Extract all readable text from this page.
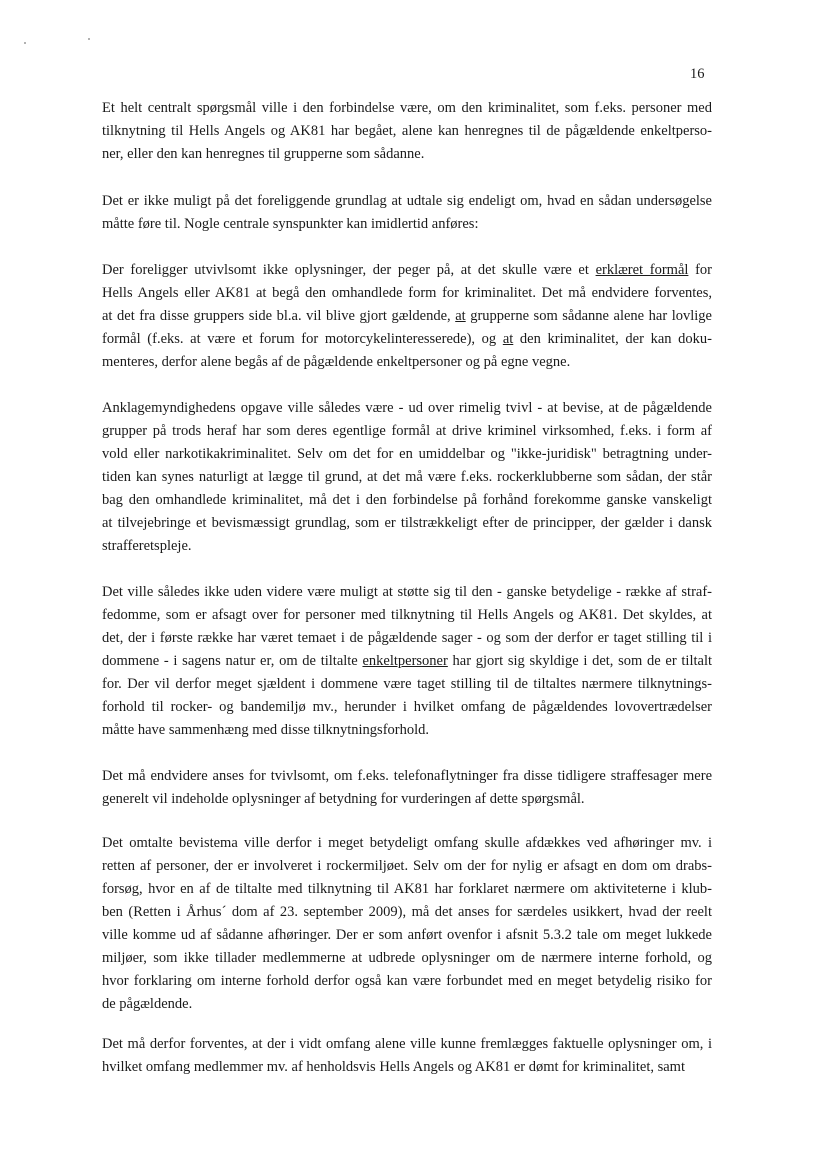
16

Et helt centralt spørgsmål ville i den forbindelse være, om den kriminalitet, som f.eks. personer med
tilknytning til Hells Angels og AK81 har begået, alene kan henregnes til de pågældende enkeltperso-
ner, eller den kan henregnes til grupperne som sådanne.

Det er ikke muligt på det foreliggende grundlag at udtale sig endeligt om, hvad en sådan undersøgelse
måtte føre til. Nogle centrale synspunkter kan imidlertid anføres:

Der foreligger utvivlsomt ikke oplysninger, der peger på, at det skulle være et erklæret formål for
Hells Angels eller AK81 at begå den omhandlede form for kriminalitet. Det må endvidere forventes,
at det fra disse gruppers side bl.a. vil blive gjort gældende, at grupperne som sådanne alene har lovlige
formål (f.eks. at være et forum for motorcykelinteresserede), og at den kriminalitet, der kan doku-
menteres, derfor alene begås af de pågældende enkeltpersoner og på egne vegne.

Anklagemyndighedens opgave ville således være - ud over rimelig tvivl - at bevise, at de pågældende
grupper på trods heraf har som deres egentlige formål at drive kriminel virksomhed, f.eks. i form af
vold eller narkotikakriminalitet. Selv om det for en umiddelbar og "ikke-juridisk" betragtning under-
tiden kan synes naturligt at lægge til grund, at det må være f.eks. rockerklubberne som sådan, der står
bag den omhandlede kriminalitet, må det i den forbindelse på forhånd forekomme ganske vanskeligt
at tilvejebringe et bevismæssigt grundlag, som er tilstrækkeligt efter de principper, der gælder i dansk
strafferetspleje.

Det ville således ikke uden videre være muligt at støtte sig til den - ganske betydelige - række af straf-
fedomme, som er afsagt over for personer med tilknytning til Hells Angels og AK81. Det skyldes, at
det, der i første række har været temaet i de pågældende sager - og som der derfor er taget stilling til i
dommene - i sagens natur er, om de tiltalte enkeltpersoner har gjort sig skyldige i det, som de er tiltalt
for. Der vil derfor meget sjældent i dommene være taget stilling til de tiltaltes nærmere tilknytnings-
forhold til rocker- og bandemiljø mv., herunder i hvilket omfang de pågældendes lovovertrædelser
måtte have sammenhæng med disse tilknytningsforhold.

Det må endvidere anses for tvivlsomt, om f.eks. telefonaflytninger fra disse tidligere straffesager mere
generelt vil indeholde oplysninger af betydning for vurderingen af dette spørgsmål.

Det omtalte bevistema ville derfor i meget betydeligt omfang skulle afdækkes ved afhøringer mv. i
retten af personer, der er involveret i rockermiljøet. Selv om der for nylig er afsagt en dom om drabs-
forsøg, hvor en af de tiltalte med tilknytning til AK81 har forklaret nærmere om aktiviteterne i klub-
ben (Retten i Århus´ dom af 23. september 2009), må det anses for særdeles usikkert, hvad der reelt
ville komme ud af sådanne afhøringer. Der er som anført ovenfor i afsnit 5.3.2 tale om meget lukkede
miljøer, som ikke tillader medlemmerne at udbrede oplysninger om de nærmere interne forhold, og
hvor forklaring om interne forhold derfor også kan være forbundet med en meget betydelig risiko for
de pågældende.

Det må derfor forventes, at der i vidt omfang alene ville kunne fremlægges faktuelle oplysninger om, i
hvilket omfang medlemmer mv. af henholdsvis Hells Angels og AK81 er dømt for kriminalitet, samt
